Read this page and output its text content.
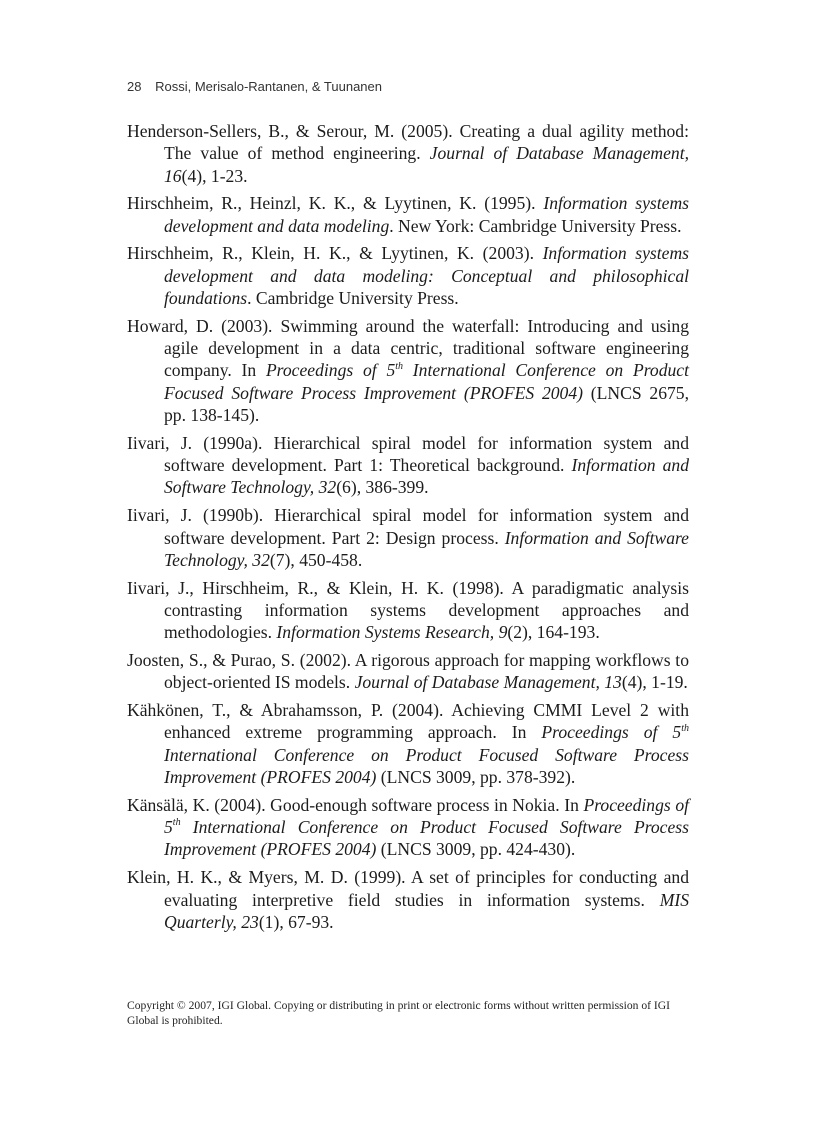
28 Rossi, Merisalo-Rantanen, & Tuunanen
Henderson-Sellers, B., & Serour, M. (2005). Creating a dual agility method: The value of method engineering. Journal of Database Management, 16(4), 1-23.
Hirschheim, R., Heinzl, K. K., & Lyytinen, K. (1995). Information systems development and data modeling. New York: Cambridge University Press.
Hirschheim, R., Klein, H. K., & Lyytinen, K. (2003). Information systems development and data modeling: Conceptual and philosophical foundations. Cambridge University Press.
Howard, D. (2003). Swimming around the waterfall: Introducing and using agile development in a data centric, traditional software engineering company. In Proceedings of 5th International Conference on Product Focused Software Process Improvement (PROFES 2004) (LNCS 2675, pp. 138-145).
Iivari, J. (1990a). Hierarchical spiral model for information system and software development. Part 1: Theoretical background. Information and Software Technology, 32(6), 386-399.
Iivari, J. (1990b). Hierarchical spiral model for information system and software development. Part 2: Design process. Information and Software Technology, 32(7), 450-458.
Iivari, J., Hirschheim, R., & Klein, H. K. (1998). A paradigmatic analysis contrasting information systems development approaches and methodologies. Information Systems Research, 9(2), 164-193.
Joosten, S., & Purao, S. (2002). A rigorous approach for mapping workflows to object-oriented IS models. Journal of Database Management, 13(4), 1-19.
Kähkönen, T., & Abrahamsson, P. (2004). Achieving CMMI Level 2 with enhanced extreme programming approach. In Proceedings of 5th International Conference on Product Focused Software Process Improvement (PROFES 2004) (LNCS 3009, pp. 378-392).
Känsälä, K. (2004). Good-enough software process in Nokia. In Proceedings of 5th International Conference on Product Focused Software Process Improvement (PROFES 2004) (LNCS 3009, pp. 424-430).
Klein, H. K., & Myers, M. D. (1999). A set of principles for conducting and evaluating interpretive field studies in information systems. MIS Quarterly, 23(1), 67-93.
Copyright © 2007, IGI Global. Copying or distributing in print or electronic forms without written permission of IGI Global is prohibited.
